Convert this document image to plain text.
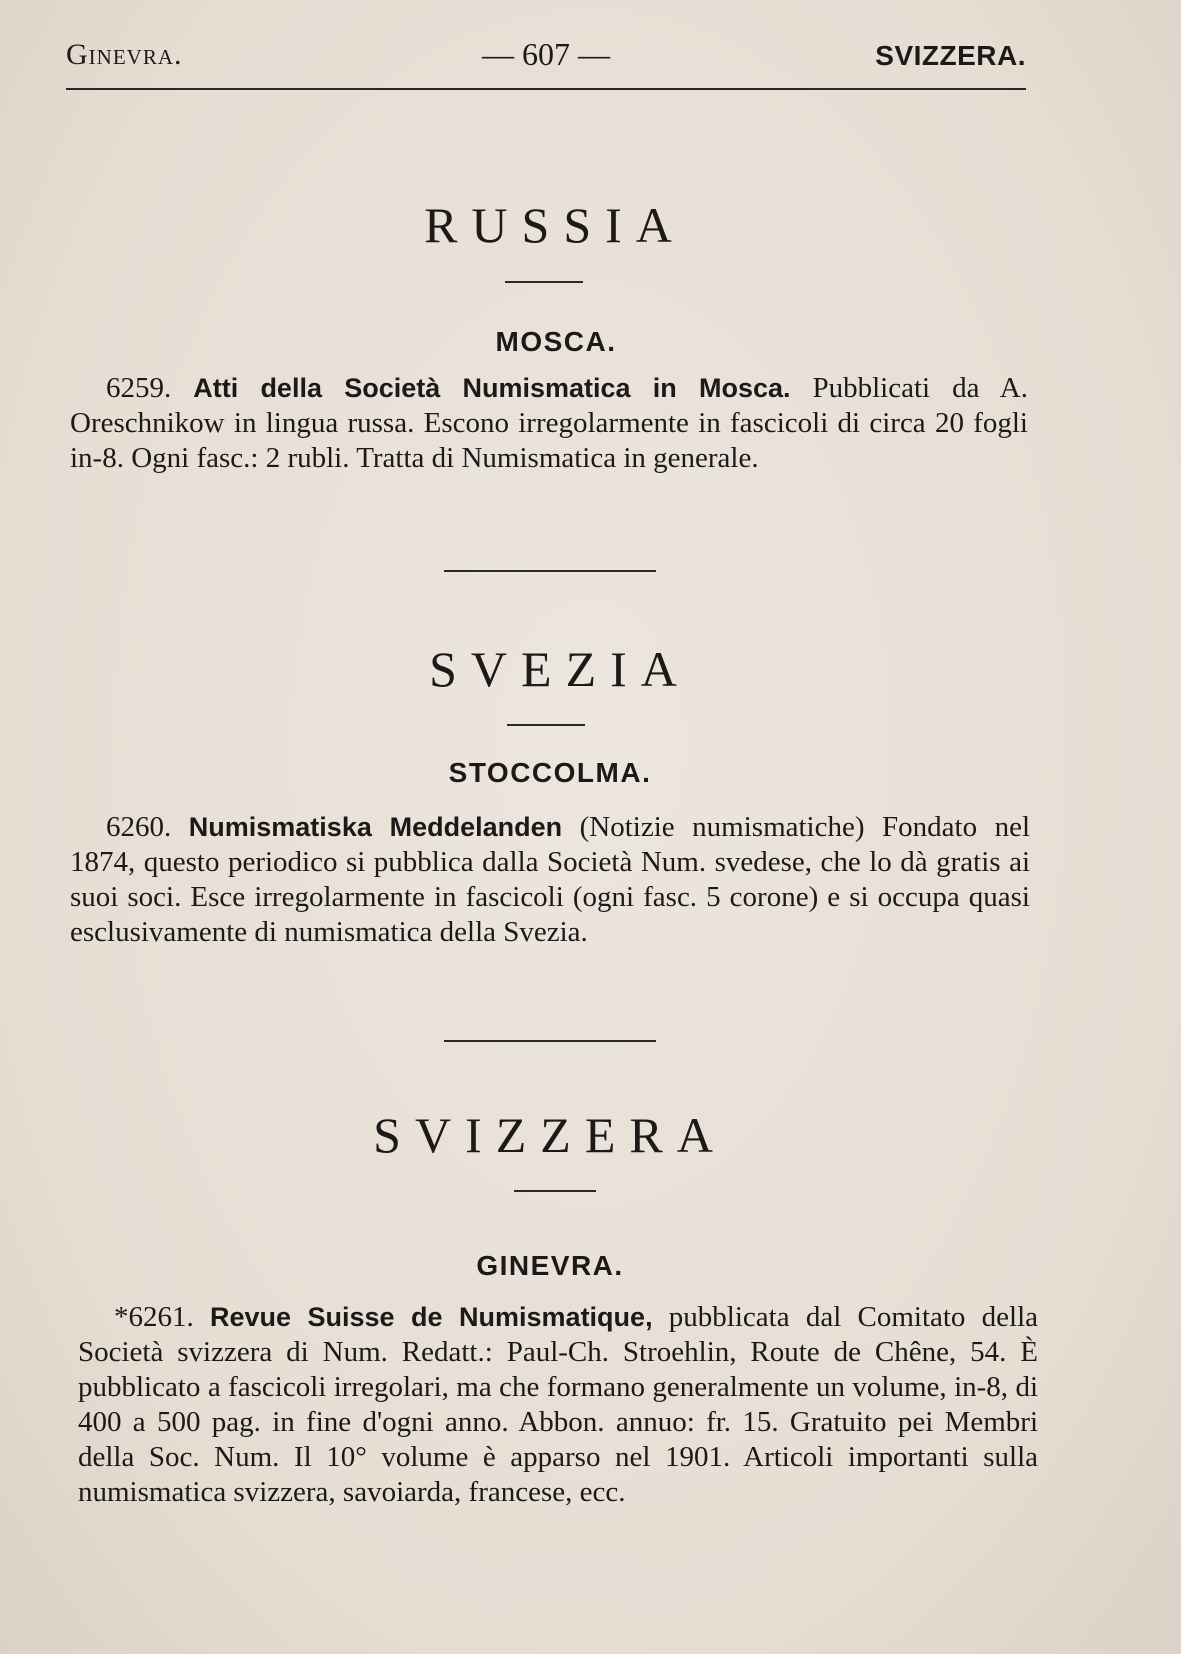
Ginevra.	— 607 —	SVIZZERA.
RUSSIA
MOSCA.

6259. Atti della Società Numismatica in Mosca. Pubblicati da A. Oreschnikow in lingua russa. Escono irregolarmente in fascicoli di circa 20 fogli in-8. Ogni fasc.: 2 rubli. Tratta di Numismatica in generale.

SVEZIA
STOCCOLMA.

6260. Numismatiska Meddelanden (Notizie numismatiche) Fondato nel 1874, questo periodico si pubblica dalla Società Num. svedese, che lo dà gratis ai suoi soci. Esce irregolarmente in fascicoli (ogni fasc. 5 corone) e si occupa quasi esclusivamente di numismatica della Svezia.

SVIZZERA
GINEVRA.

*6261. Revue Suisse de Numismatique, pubblicata dal Comitato della Società svizzera di Num. Redatt.: Paul-Ch. Stroehlin, Route de Chêne, 54. È pubblicato a fascicoli irregolari, ma che formano generalmente un volume, in-8, di 400 a 500 pag. in fine d'ogni anno. Abbon. annuo: fr. 15. Gratuito pei Membri della Soc. Num. Il 10° volume è apparso nel 1901. Articoli importanti sulla numismatica svizzera, savoiarda, francese, ecc.
